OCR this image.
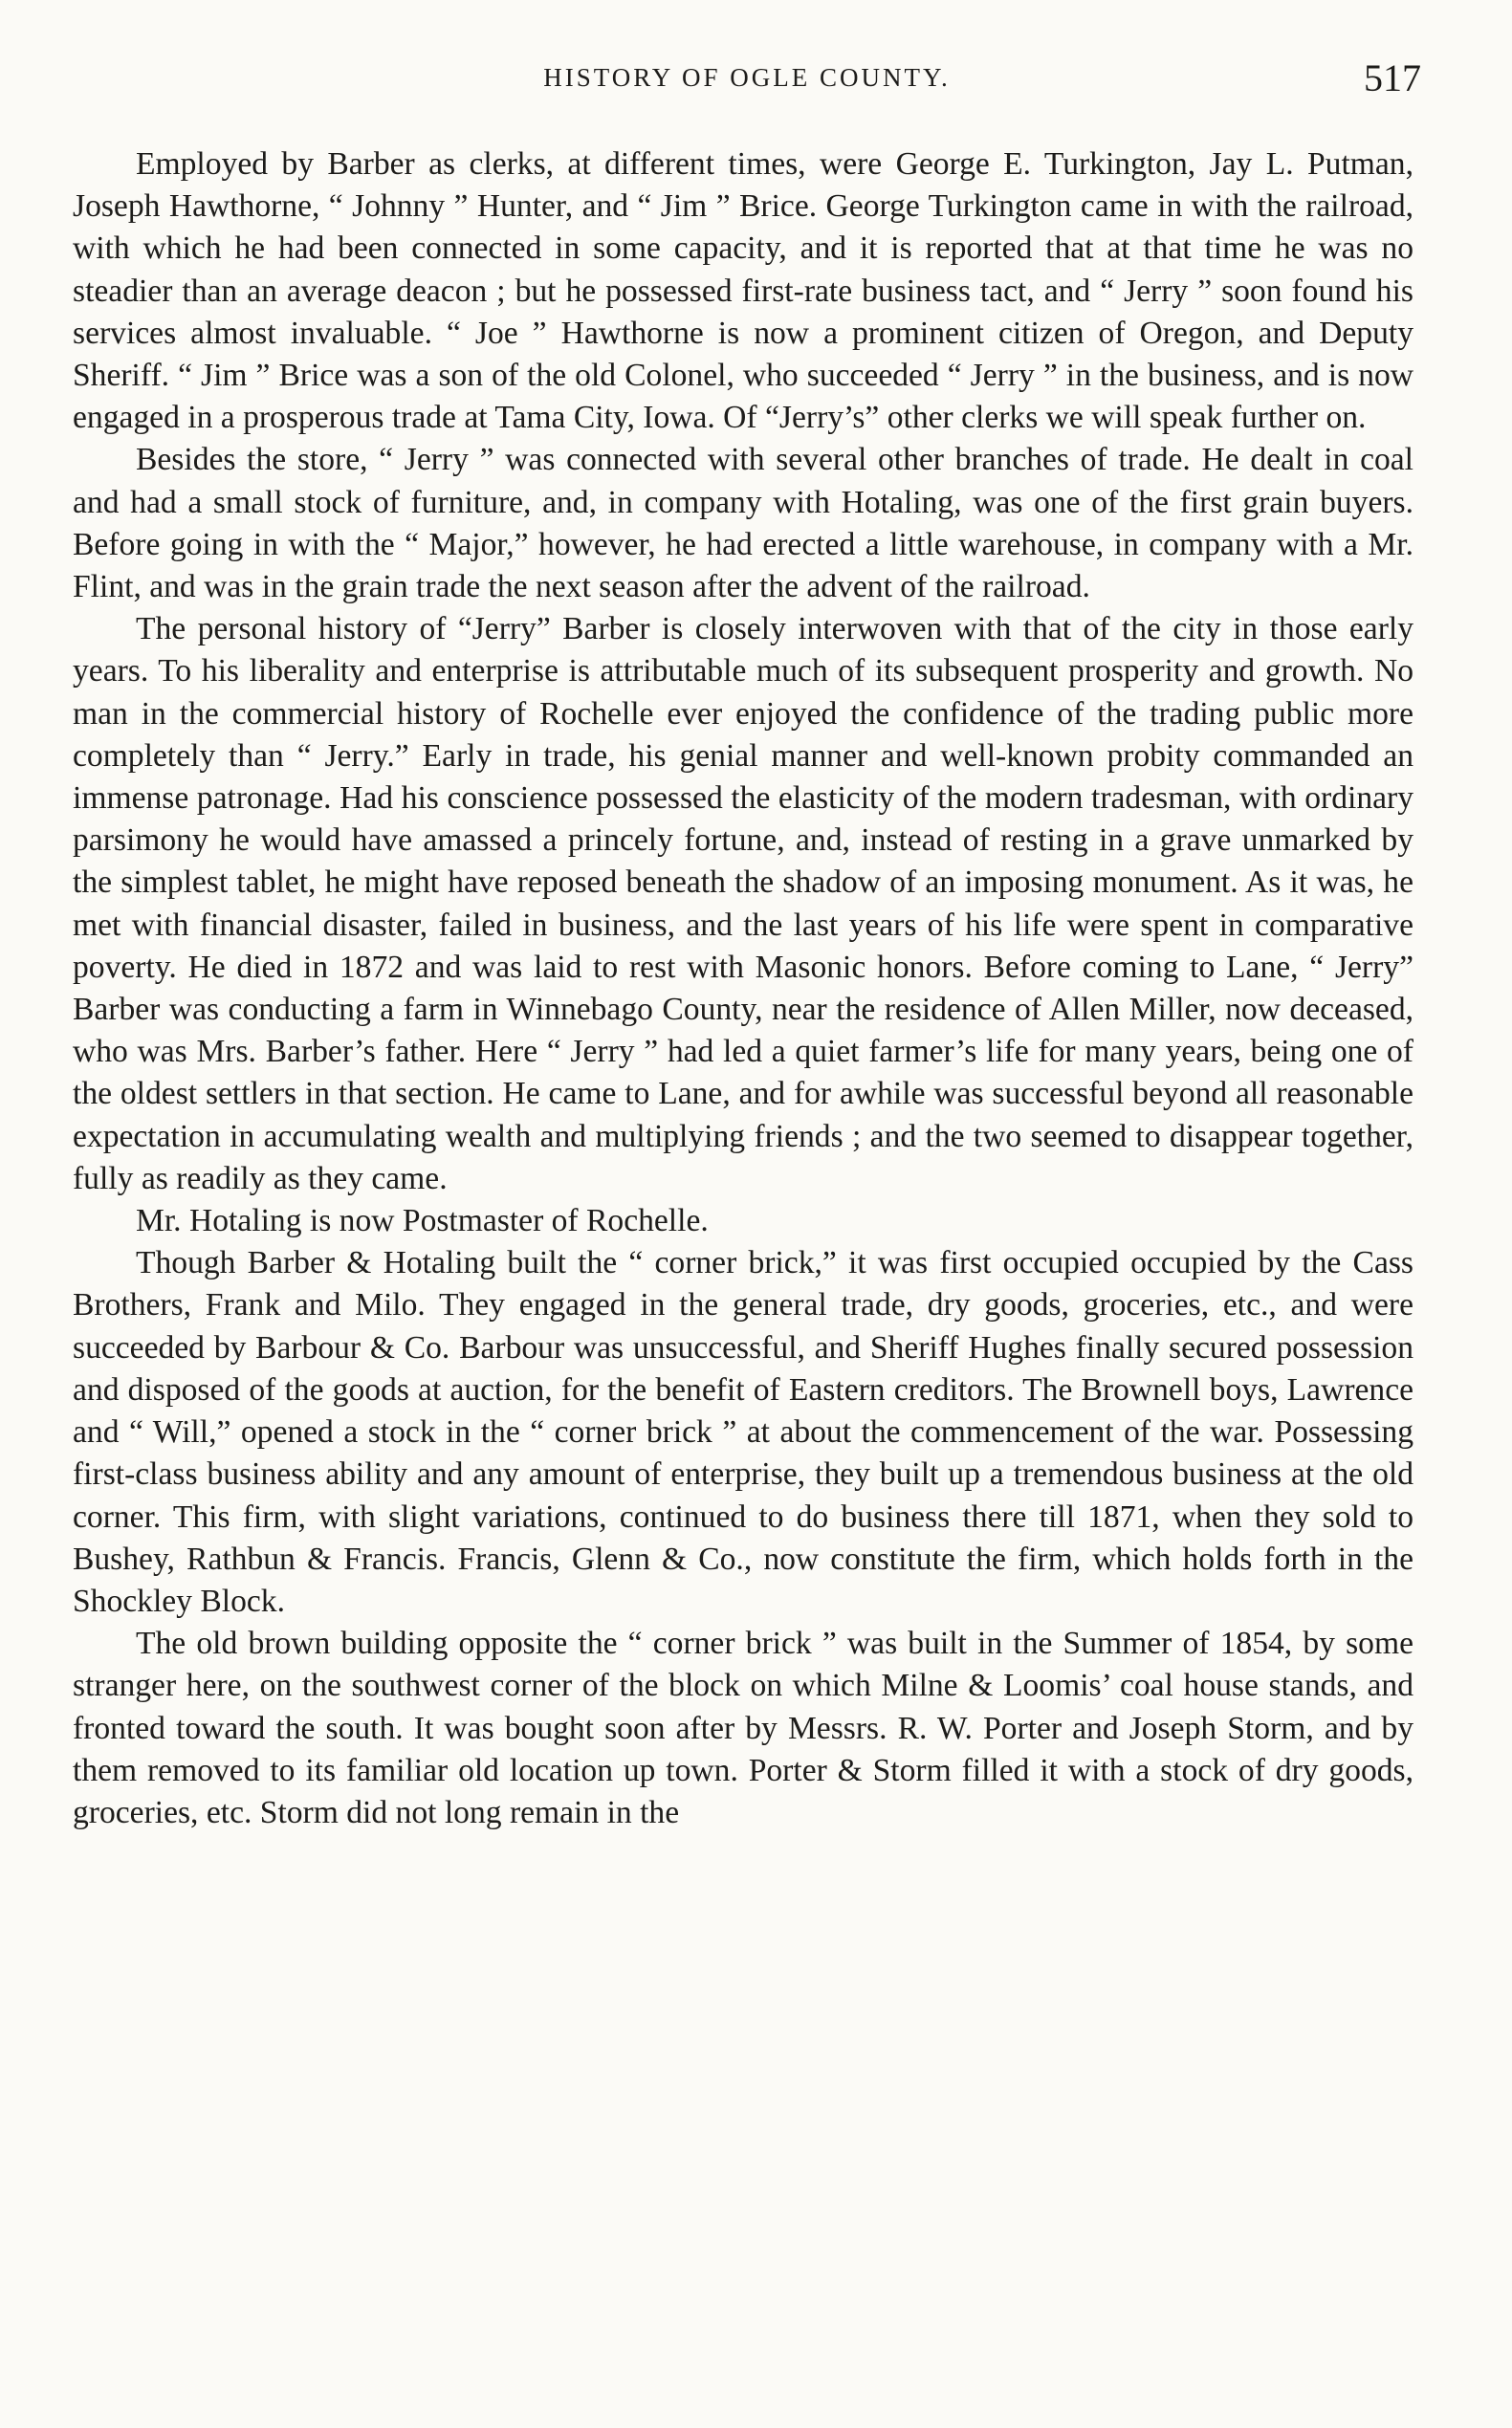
HISTORY OF OGLE COUNTY.	517

Employed by Barber as clerks, at different times, were George E. Turkington, Jay L. Putman, Joseph Hawthorne, “ Johnny ” Hunter, and “ Jim ” Brice. George Turkington came in with the railroad, with which he had been connected in some capacity, and it is reported that at that time he was no steadier than an average deacon ; but he possessed first-rate business tact, and “ Jerry ” soon found his services almost invaluable. “ Joe ” Hawthorne is now a prominent citizen of Oregon, and Deputy Sheriff. “ Jim ” Brice was a son of the old Colonel, who succeeded “ Jerry ” in the business, and is now engaged in a prosperous trade at Tama City, Iowa. Of “Jerry’s” other clerks we will speak further on.

Besides the store, “ Jerry ” was connected with several other branches of trade. He dealt in coal and had a small stock of furniture, and, in company with Hotaling, was one of the first grain buyers. Before going in with the “ Major,” however, he had erected a little warehouse, in company with a Mr. Flint, and was in the grain trade the next season after the advent of the railroad.

The personal history of “Jerry” Barber is closely interwoven with that of the city in those early years. To his liberality and enterprise is attributable much of its subsequent prosperity and growth. No man in the commercial history of Rochelle ever enjoyed the confidence of the trading public more completely than “ Jerry.” Early in trade, his genial manner and well-known probity commanded an immense patronage. Had his conscience possessed the elasticity of the modern tradesman, with ordinary parsimony he would have amassed a princely fortune, and, instead of resting in a grave unmarked by the simplest tablet, he might have reposed beneath the shadow of an imposing monument. As it was, he met with financial disaster, failed in business, and the last years of his life were spent in comparative poverty. He died in 1872 and was laid to rest with Masonic honors. Before coming to Lane, “ Jerry” Barber was conducting a farm in Winnebago County, near the residence of Allen Miller, now deceased, who was Mrs. Barber’s father. Here “ Jerry ” had led a quiet farmer’s life for many years, being one of the oldest settlers in that section. He came to Lane, and for awhile was successful beyond all reasonable expectation in accumulating wealth and multiplying friends ; and the two seemed to disappear together, fully as readily as they came.

Mr. Hotaling is now Postmaster of Rochelle.

Though Barber & Hotaling built the “ corner brick,” it was first occupied occupied by the Cass Brothers, Frank and Milo. They engaged in the general trade, dry goods, groceries, etc., and were succeeded by Barbour & Co. Barbour was unsuccessful, and Sheriff Hughes finally secured possession and disposed of the goods at auction, for the benefit of Eastern creditors. The Brownell boys, Lawrence and “ Will,” opened a stock in the “ corner brick ” at about the commencement of the war. Possessing first-class business ability and any amount of enterprise, they built up a tremendous business at the old corner. This firm, with slight variations, continued to do business there till 1871, when they sold to Bushey, Rathbun & Francis. Francis, Glenn & Co., now constitute the firm, which holds forth in the Shockley Block.

The old brown building opposite the “ corner brick ” was built in the Summer of 1854, by some stranger here, on the southwest corner of the block on which Milne & Loomis’ coal house stands, and fronted toward the south. It was bought soon after by Messrs. R. W. Porter and Joseph Storm, and by them removed to its familiar old location up town. Porter & Storm filled it with a stock of dry goods, groceries, etc. Storm did not long remain in the
